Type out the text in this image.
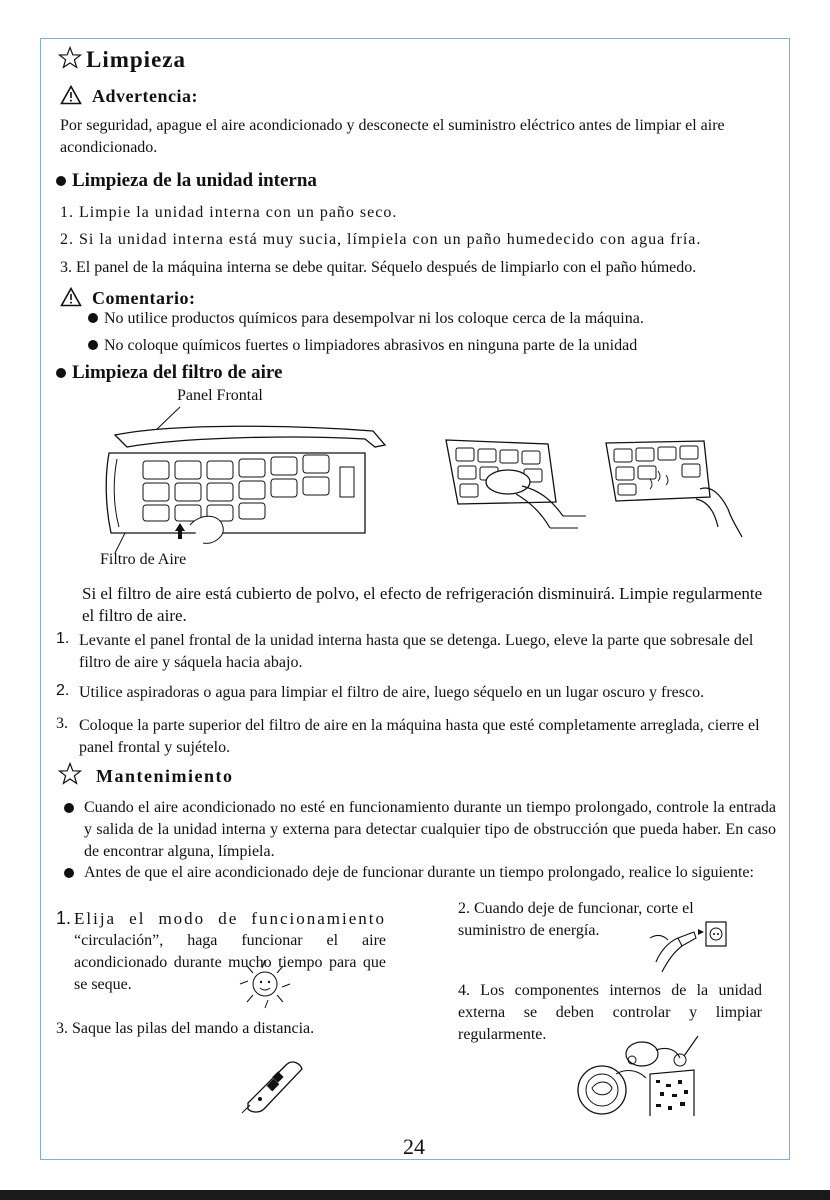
Limpieza
Advertencia:
Por seguridad, apague el aire acondicionado y desconecte el suministro eléctrico antes de limpiar el aire acondicionado.
Limpieza de la unidad interna
1. Limpie la unidad interna con un paño seco.
2. Si la unidad interna está muy sucia, límpiela con un paño humedecido con agua fría.
3. El panel de la máquina interna se debe quitar. Séquelo después de limpiarlo con el paño húmedo.
Comentario:
No utilice productos químicos para desempolvar ni los coloque cerca de la máquina.
No coloque químicos fuertes o limpiadores abrasivos en ninguna parte de la unidad
Limpieza del filtro de aire
Panel Frontal
Filtro de Aire
Si el filtro de aire está cubierto de polvo, el efecto de refrigeración disminuirá. Limpie regularmente el filtro de aire.
1. Levante el panel frontal de la unidad interna hasta que se detenga. Luego, eleve la parte que sobresale del filtro de aire y sáquela hacia abajo.
2. Utilice aspiradoras o agua para limpiar el filtro de aire, luego séquelo en un lugar oscuro y fresco.
3. Coloque la parte superior del filtro de aire en la máquina hasta que esté completamente arreglada, cierre el panel frontal y sujételo.
Mantenimiento
Cuando el aire acondicionado no esté en funcionamiento durante un tiempo prolongado, controle la entrada y salida de la unidad interna y externa para detectar cualquier tipo de obstrucción que pueda haber. En caso de encontrar alguna, límpiela.
Antes de que el aire acondicionado deje de funcionar durante un tiempo prolongado, realice lo siguiente:
1. Elija el modo de funcionamiento “circulación”, haga funcionar el aire acondicionado durante mucho tiempo para que se seque.
3. Saque las pilas del mando a distancia.
2. Cuando deje de funcionar, corte el suministro de energía.
4. Los componentes internos de la unidad externa se deben controlar y limpiar regularmente.
24
